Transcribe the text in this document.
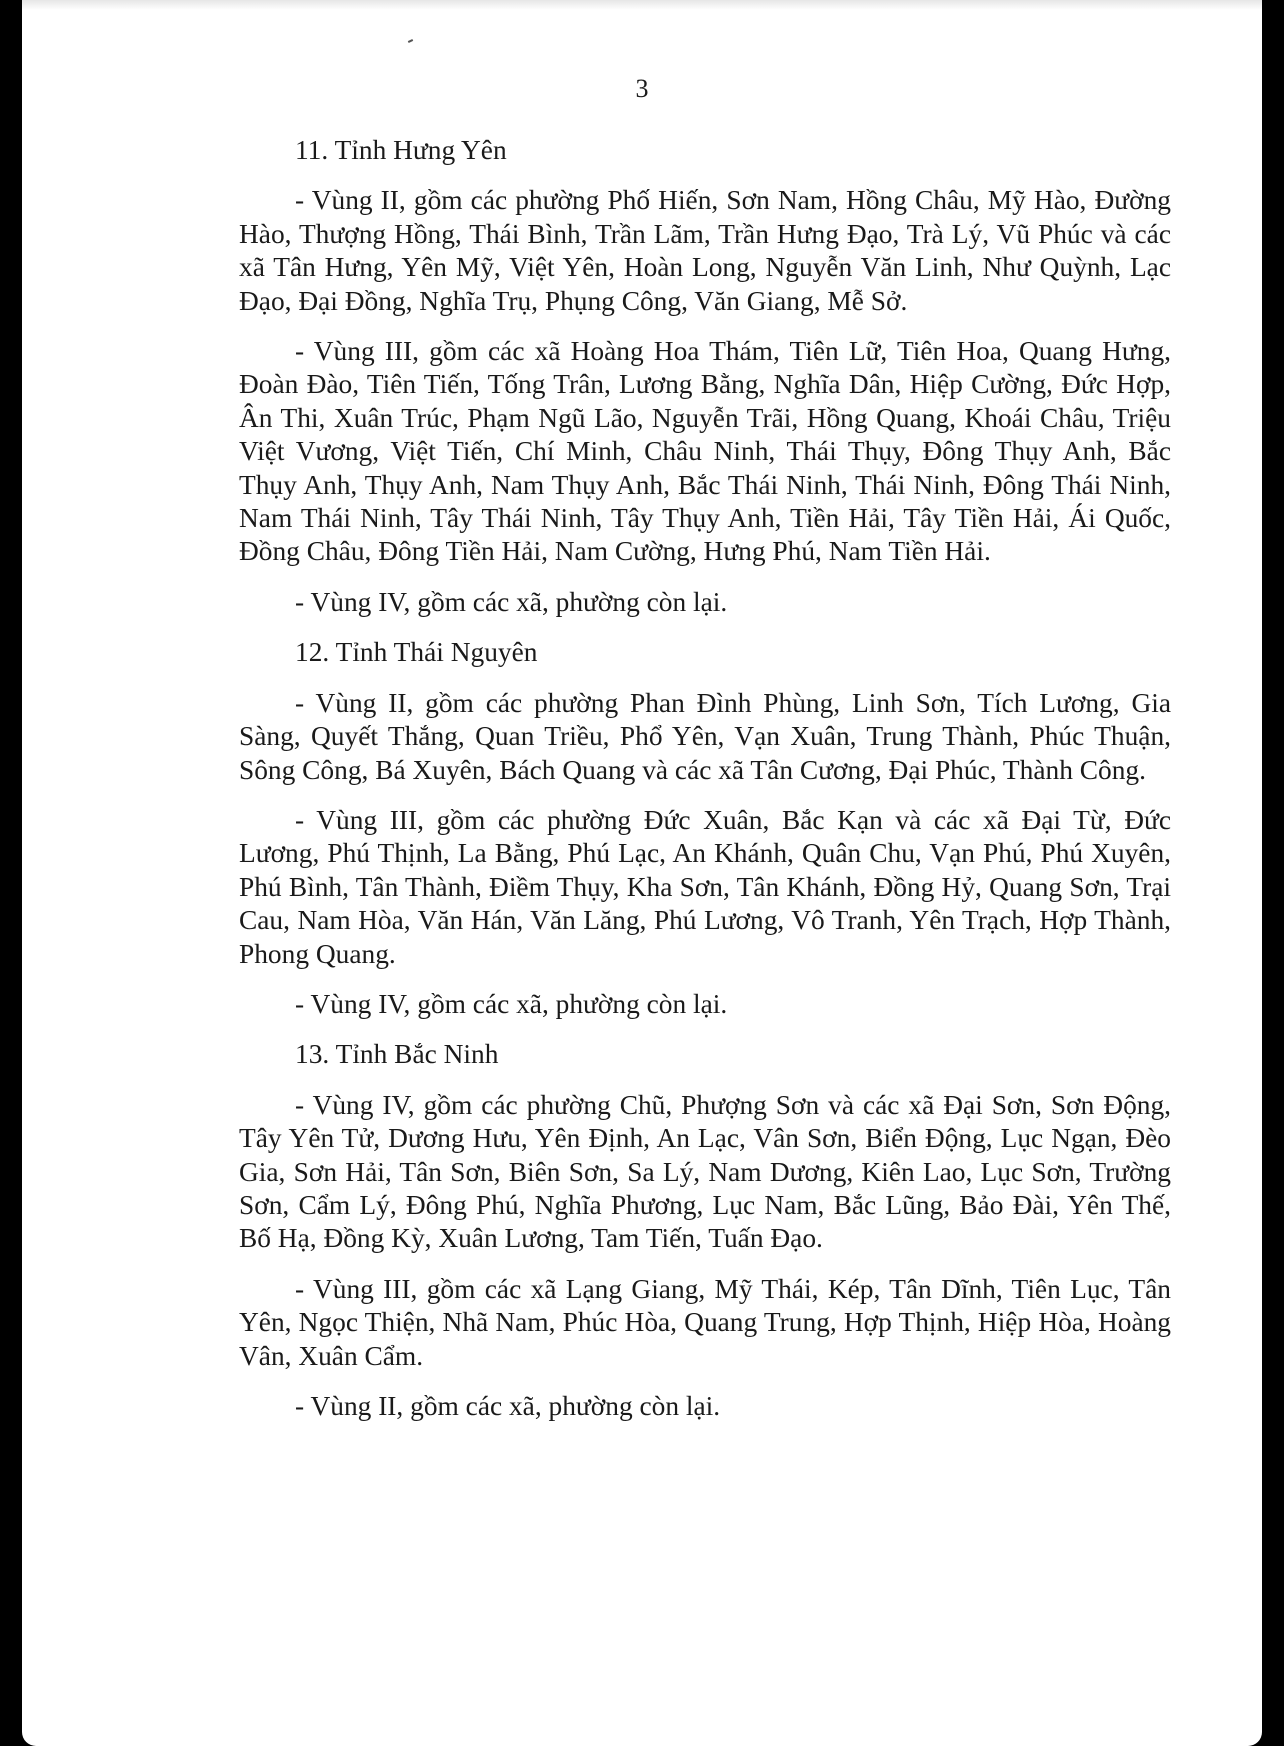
3

11. Tỉnh Hưng Yên

- Vùng II, gồm các phường Phố Hiến, Sơn Nam, Hồng Châu, Mỹ Hào, Đường Hào, Thượng Hồng, Thái Bình, Trần Lãm, Trần Hưng Đạo, Trà Lý, Vũ Phúc và các xã Tân Hưng, Yên Mỹ, Việt Yên, Hoàn Long, Nguyễn Văn Linh, Như Quỳnh, Lạc Đạo, Đại Đồng, Nghĩa Trụ, Phụng Công, Văn Giang, Mễ Sở.

- Vùng III, gồm các xã Hoàng Hoa Thám, Tiên Lữ, Tiên Hoa, Quang Hưng, Đoàn Đào, Tiên Tiến, Tống Trân, Lương Bằng, Nghĩa Dân, Hiệp Cường, Đức Hợp, Ân Thi, Xuân Trúc, Phạm Ngũ Lão, Nguyễn Trãi, Hồng Quang, Khoái Châu, Triệu Việt Vương, Việt Tiến, Chí Minh, Châu Ninh, Thái Thụy, Đông Thụy Anh, Bắc Thụy Anh, Thụy Anh, Nam Thụy Anh, Bắc Thái Ninh, Thái Ninh, Đông Thái Ninh, Nam Thái Ninh, Tây Thái Ninh, Tây Thụy Anh, Tiền Hải, Tây Tiền Hải, Ái Quốc, Đồng Châu, Đông Tiền Hải, Nam Cường, Hưng Phú, Nam Tiền Hải.

- Vùng IV, gồm các xã, phường còn lại.

12. Tỉnh Thái Nguyên

- Vùng II, gồm các phường Phan Đình Phùng, Linh Sơn, Tích Lương, Gia Sàng, Quyết Thắng, Quan Triều, Phổ Yên, Vạn Xuân, Trung Thành, Phúc Thuận, Sông Công, Bá Xuyên, Bách Quang và các xã Tân Cương, Đại Phúc, Thành Công.

- Vùng III, gồm các phường Đức Xuân, Bắc Kạn và các xã Đại Từ, Đức Lương, Phú Thịnh, La Bằng, Phú Lạc, An Khánh, Quân Chu, Vạn Phú, Phú Xuyên, Phú Bình, Tân Thành, Điềm Thụy, Kha Sơn, Tân Khánh, Đồng Hỷ, Quang Sơn, Trại Cau, Nam Hòa, Văn Hán, Văn Lăng, Phú Lương, Vô Tranh, Yên Trạch, Hợp Thành, Phong Quang.

- Vùng IV, gồm các xã, phường còn lại.

13. Tỉnh Bắc Ninh

- Vùng IV, gồm các phường Chũ, Phượng Sơn và các xã Đại Sơn, Sơn Động, Tây Yên Tử, Dương Hưu, Yên Định, An Lạc, Vân Sơn, Biển Động, Lục Ngạn, Đèo Gia, Sơn Hải, Tân Sơn, Biên Sơn, Sa Lý, Nam Dương, Kiên Lao, Lục Sơn, Trường Sơn, Cẩm Lý, Đông Phú, Nghĩa Phương, Lục Nam, Bắc Lũng, Bảo Đài, Yên Thế, Bố Hạ, Đồng Kỳ, Xuân Lương, Tam Tiến, Tuấn Đạo.

- Vùng III, gồm các xã Lạng Giang, Mỹ Thái, Kép, Tân Dĩnh, Tiên Lục, Tân Yên, Ngọc Thiện, Nhã Nam, Phúc Hòa, Quang Trung, Hợp Thịnh, Hiệp Hòa, Hoàng Vân, Xuân Cẩm.

- Vùng II, gồm các xã, phường còn lại.
